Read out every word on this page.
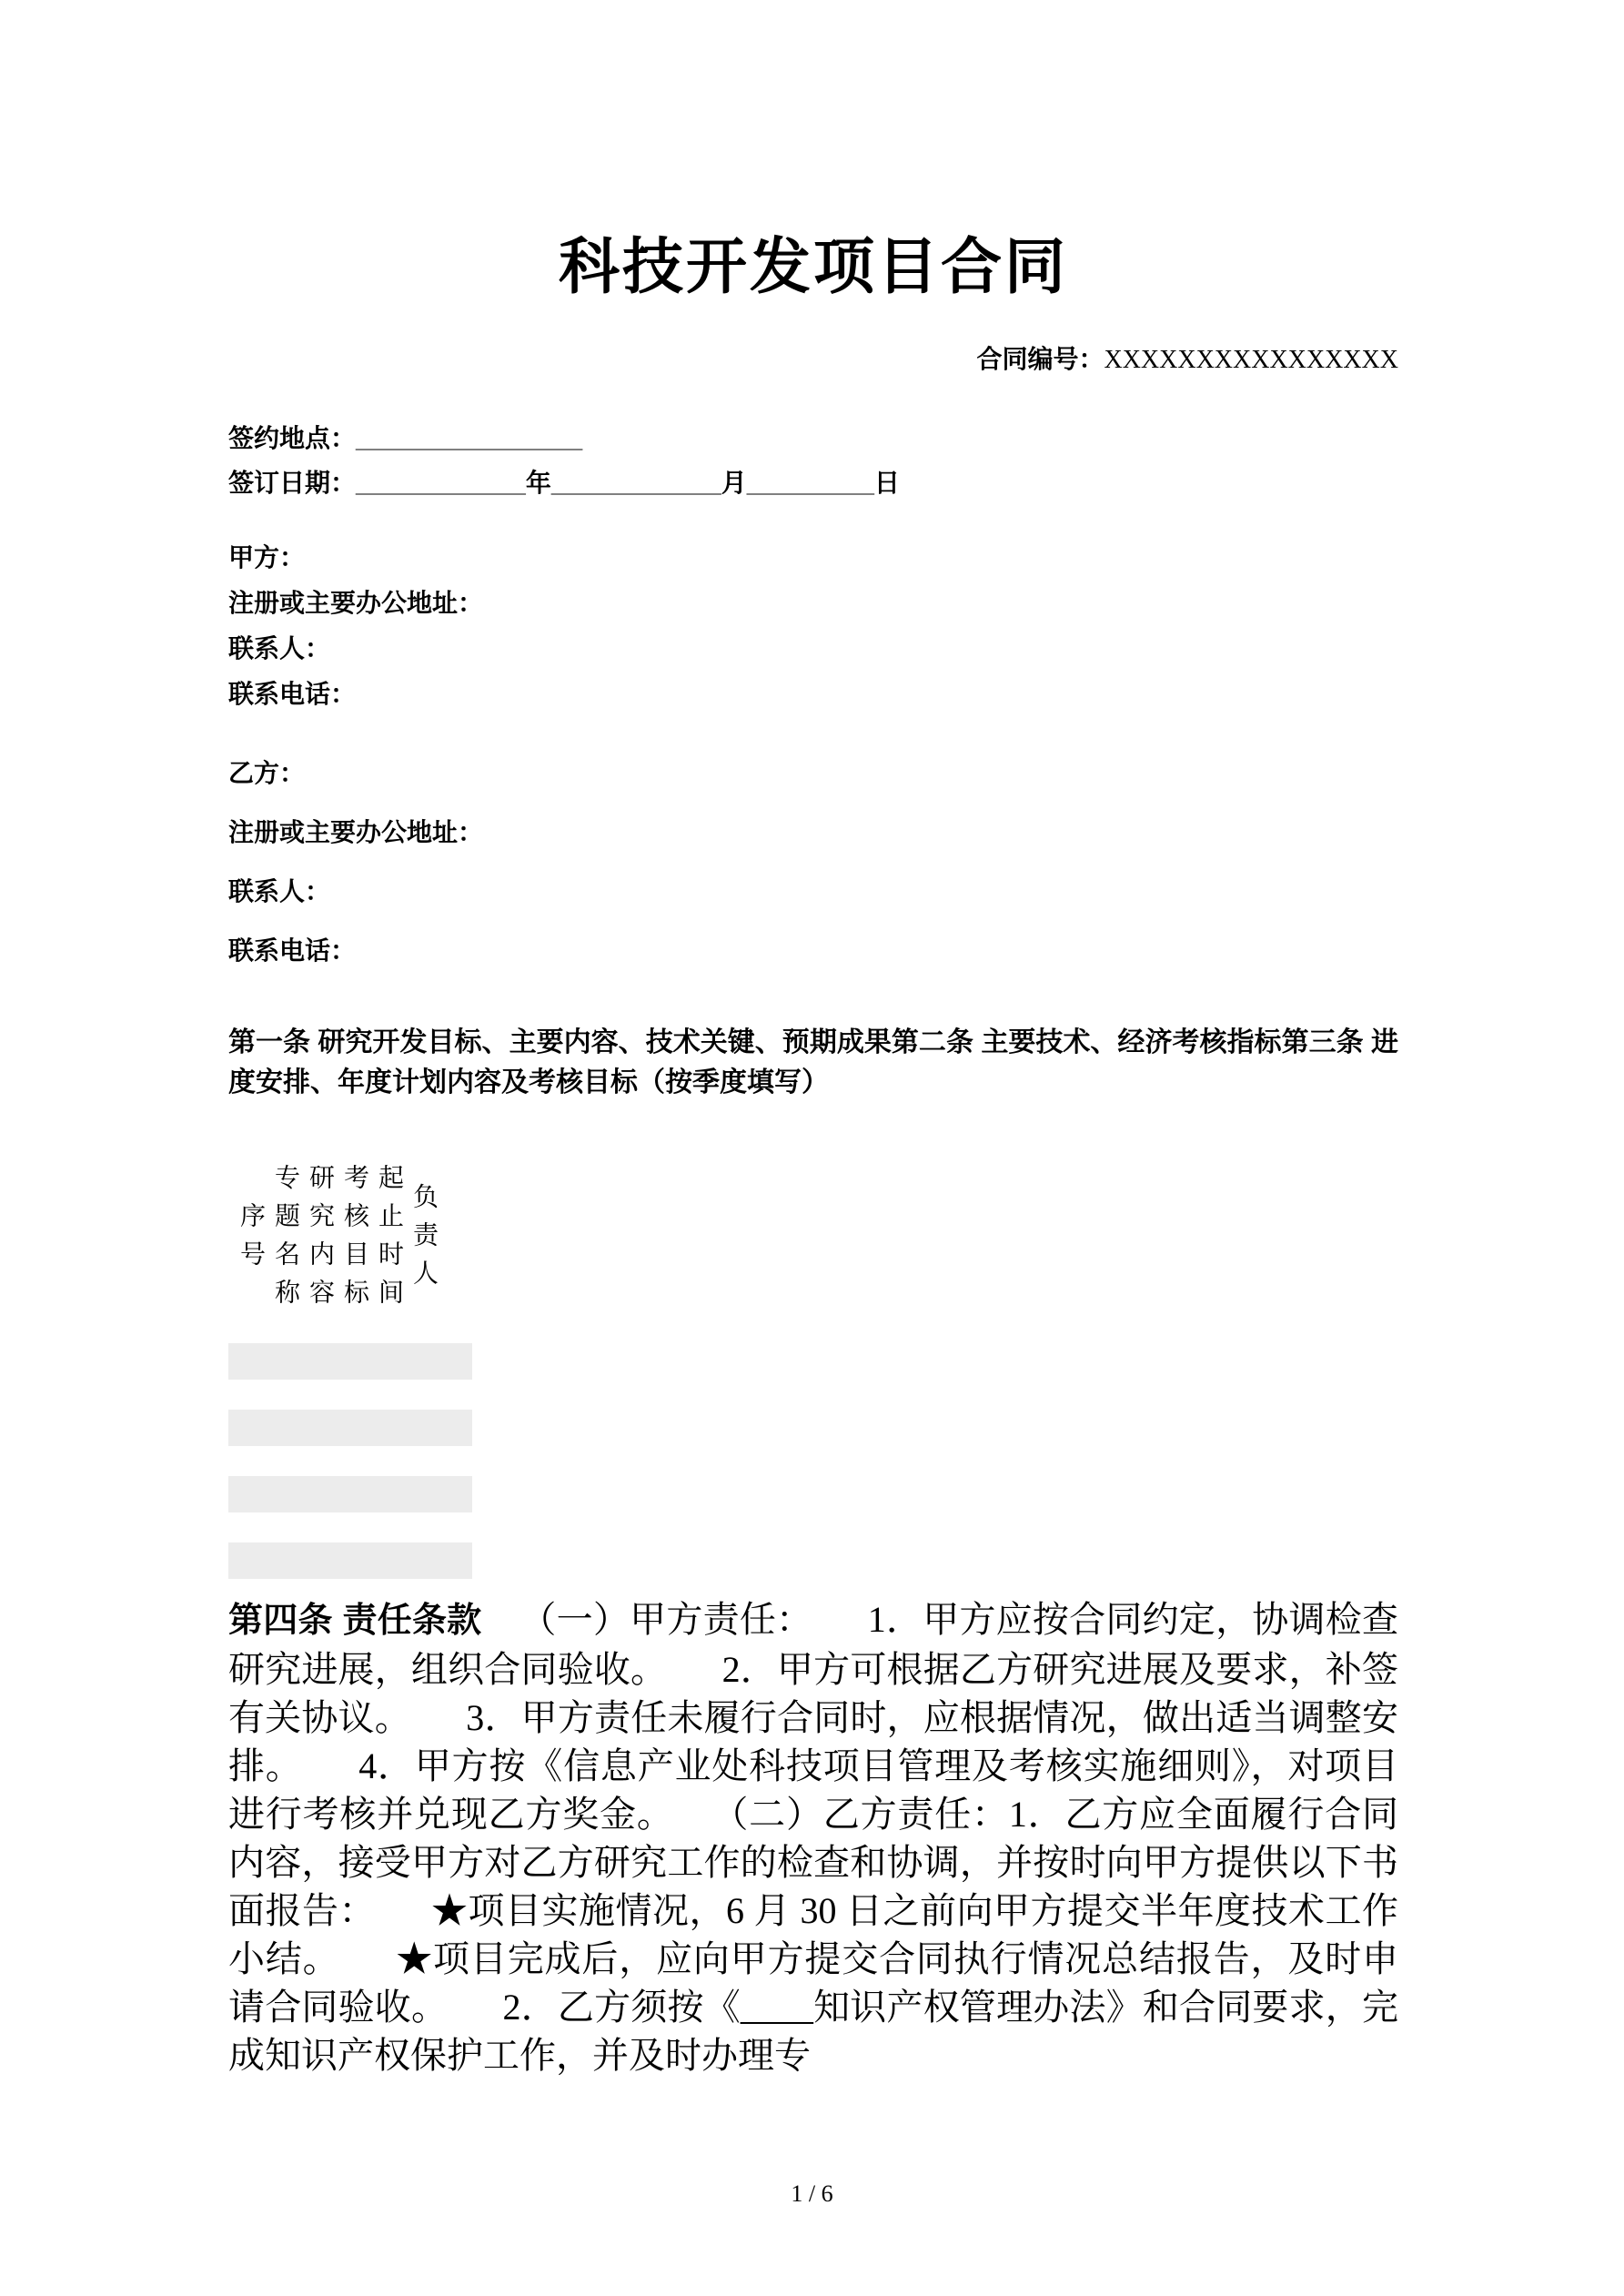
科技开发项目合同
合同编号：XXXXXXXXXXXXXXXX
签约地点：________________
签订日期：____________年____________月_________日
甲方：
注册或主要办公地址：
联系人：
联系电话：
乙方：
注册或主要办公地址：
联系人：
联系电话：

第一条 研究开发目标、主要内容、技术关键、预期成果第二条 主要技术、经济考核指标第三条 进度安排、年度计划内容及考核目标（按季度填写）

序号 专题名称 研究内容 考核目标 起止时间 负责人

第四条 责任条款 （一）甲方责任：　　1．甲方应按合同约定，协调检查研究进展，组织合同验收。　　2．甲方可根据乙方研究进展及要求，补签有关协议。　　3．甲方责任未履行合同时，应根据情况，做出适当调整安排。　　4．甲方按《信息产业处科技项目管理及考核实施细则》，对项目进行考核并兑现乙方奖金。　　（二）乙方责任：1．乙方应全面履行合同内容，接受甲方对乙方研究工作的检查和协调，并按时向甲方提供以下书面报告：　　★项目实施情况，6 月 30 日之前向甲方提交半年度技术工作小结。　　★项目完成后，应向甲方提交合同执行情况总结报告，及时申请合同验收。　　2．乙方须按《____知识产权管理办法》和合同要求，完成知识产权保护工作，并及时办理专

1 / 6
